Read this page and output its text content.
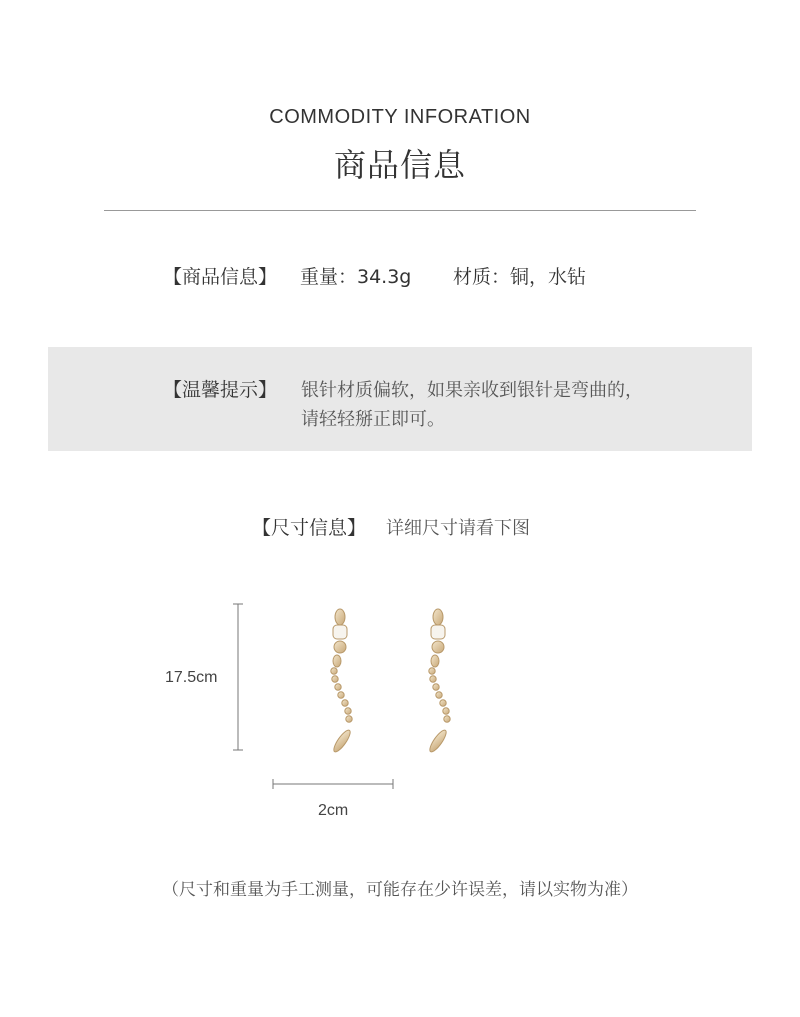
COMMODITY INFORATION
商品信息
【商品信息】 重量：34.3g 材质：铜，水钻
【温馨提示】 银针材质偏软，如果亲收到银针是弯曲的，
请轻轻掰正即可。
【尺寸信息】 详细尺寸请看下图
17.5cm
2cm
（尺寸和重量为手工测量，可能存在少许误差，请以实物为准）
